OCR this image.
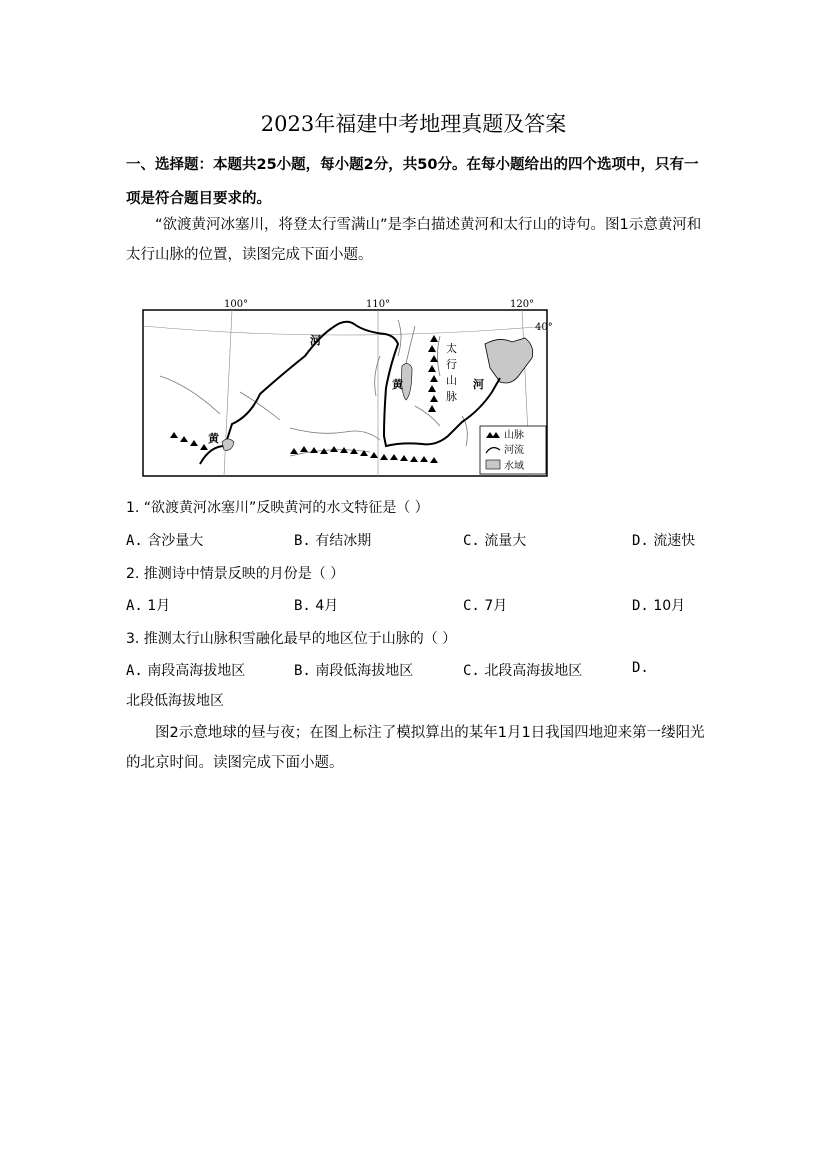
2023年福建中考地理真题及答案
一、选择题：本题共25小题，每小题2分，共50分。在每小题给出的四个选项中，只有一项是符合题目要求的。
“欲渡黄河冰塞川，将登太行雪满山”是李白描述黄河和太行山的诗句。图1示意黄河和太行山脉的位置，读图完成下面小题。
100°	110°	120°
40°
河
黄	河
黄
太
行
山
脉
山脉
河流
水域
1. “欲渡黄河冰塞川”反映黄河的水文特征是（ ）
A. 含沙量大	B. 有结冰期	C. 流量大	D. 流速快
2. 推测诗中情景反映的月份是（ ）
A. 1月	B. 4月	C. 7月	D. 10月
3. 推测太行山脉积雪融化最早的地区位于山脉的（ ）
A. 南段高海拔地区	B. 南段低海拔地区	C. 北段高海拔地区	D.
北段低海拔地区
图2示意地球的昼与夜；在图上标注了模拟算出的某年1月1日我国四地迎来第一缕阳光的北京时间。读图完成下面小题。
